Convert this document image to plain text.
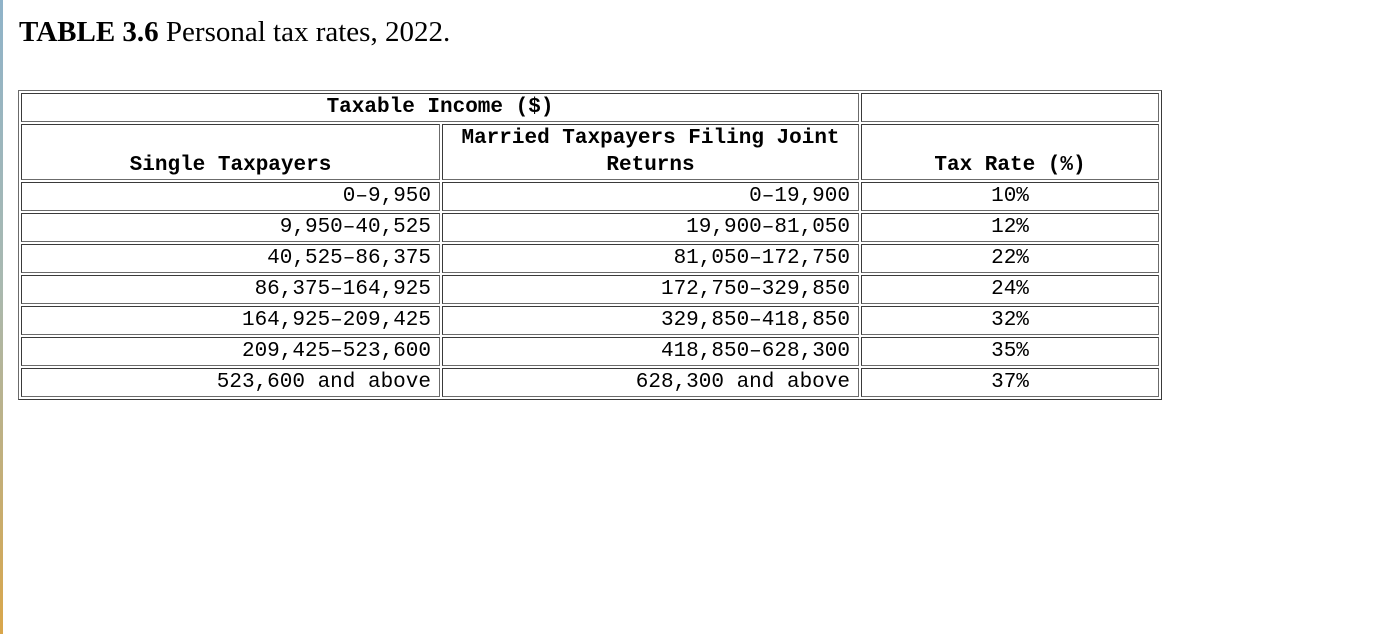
TABLE 3.6 Personal tax rates, 2022.
Taxable Income ($)		
Single Taxpayers	Married Taxpayers Filing Joint Returns	Tax Rate (%)
0–9,950	0–19,900	10%
9,950–40,525	19,900–81,050	12%
40,525–86,375	81,050–172,750	22%
86,375–164,925	172,750–329,850	24%
164,925–209,425	329,850–418,850	32%
209,425–523,600	418,850–628,300	35%
523,600 and above	628,300 and above	37%
